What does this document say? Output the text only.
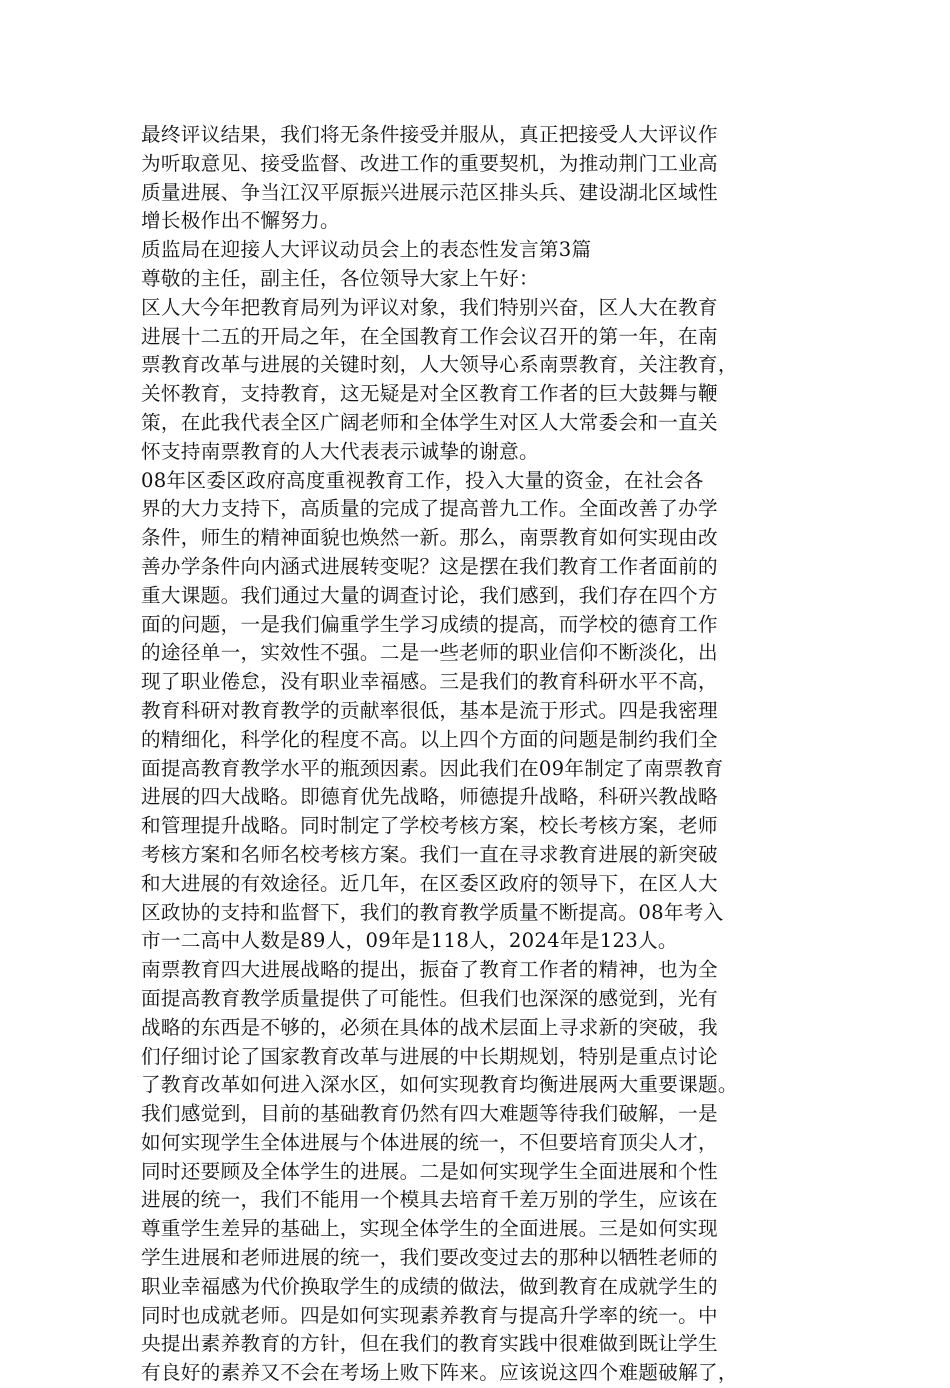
最终评议结果，我们将无条件接受并服从，真正把接受人大评议作
为听取意见、接受监督、改进工作的重要契机，为推动荆门工业高
质量进展、争当江汉平原振兴进展示范区排头兵、建设湖北区域性
增长极作出不懈努力。
质监局在迎接人大评议动员会上的表态性发言第3篇
尊敬的主任，副主任，各位领导大家上午好：
区人大今年把教育局列为评议对象，我们特别兴奋，区人大在教育
进展十二五的开局之年，在全国教育工作会议召开的第一年，在南
票教育改革与进展的关键时刻，人大领导心系南票教育，关注教育，
关怀教育，支持教育，这无疑是对全区教育工作者的巨大鼓舞与鞭
策，在此我代表全区广阔老师和全体学生对区人大常委会和一直关
怀支持南票教育的人大代表表示诚挚的谢意。
08年区委区政府高度重视教育工作，投入大量的资金，在社会各
界的大力支持下，高质量的完成了提高普九工作。全面改善了办学
条件，师生的精神面貌也焕然一新。那么，南票教育如何实现由改
善办学条件向内涵式进展转变呢？这是摆在我们教育工作者面前的
重大课题。我们通过大量的调查讨论，我们感到，我们存在四个方
面的问题，一是我们偏重学生学习成绩的提高，而学校的德育工作
的途径单一，实效性不强。二是一些老师的职业信仰不断淡化，出
现了职业倦怠，没有职业幸福感。三是我们的教育科研水平不高，
教育科研对教育教学的贡献率很低，基本是流于形式。四是我密理
的精细化，科学化的程度不高。以上四个方面的问题是制约我们全
面提高教育教学水平的瓶颈因素。因此我们在09年制定了南票教育
进展的四大战略。即德育优先战略，师德提升战略，科研兴教战略
和管理提升战略。同时制定了学校考核方案，校长考核方案，老师
考核方案和名师名校考核方案。我们一直在寻求教育进展的新突破
和大进展的有效途径。近几年，在区委区政府的领导下，在区人大
区政协的支持和监督下，我们的教育教学质量不断提高。08年考入
市一二高中人数是89人，09年是118人，2024年是123人。
南票教育四大进展战略的提出，振奋了教育工作者的精神，也为全
面提高教育教学质量提供了可能性。但我们也深深的感觉到，光有
战略的东西是不够的，必须在具体的战术层面上寻求新的突破，我
们仔细讨论了国家教育改革与进展的中长期规划，特别是重点讨论
了教育改革如何进入深水区，如何实现教育均衡进展两大重要课题。
我们感觉到，目前的基础教育仍然有四大难题等待我们破解，一是
如何实现学生全体进展与个体进展的统一，不但要培育顶尖人才，
同时还要顾及全体学生的进展。二是如何实现学生全面进展和个性
进展的统一，我们不能用一个模具去培育千差万别的学生，应该在
尊重学生差异的基础上，实现全体学生的全面进展。三是如何实现
学生进展和老师进展的统一，我们要改变过去的那种以牺牲老师的
职业幸福感为代价换取学生的成绩的做法，做到教育在成就学生的
同时也成就老师。四是如何实现素养教育与提高升学率的统一。中
央提出素养教育的方针，但在我们的教育实践中很难做到既让学生
有良好的素养又不会在考场上败下阵来。应该说这四个难题破解了，
